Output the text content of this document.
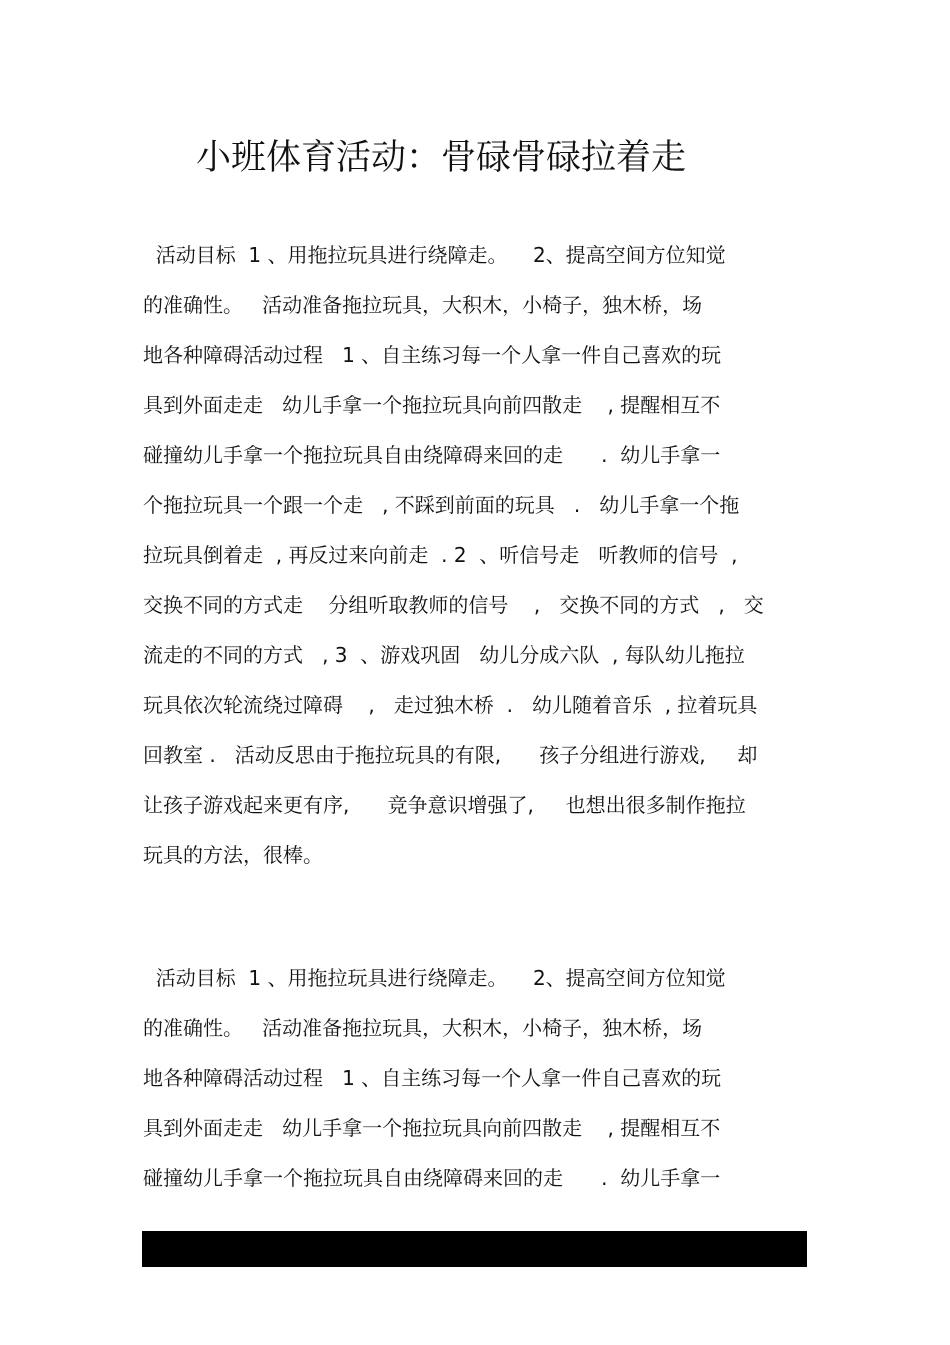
小班体育活动：骨碌骨碌拉着走
活动目标  1 、用拖拉玩具进行绕障走。    2、提高空间方位知觉
的准确性。   活动准备拖拉玩具，大积木，小椅子，独木桥，场
地各种障碍活动过程   1 、自主练习每一个人拿一件自己喜欢的玩
具到外面走走   幼儿手拿一个拖拉玩具向前四散走    , 提醒相互不
碰撞幼儿手拿一个拖拉玩具自由绕障碍来回的走      .  幼儿手拿一
个拖拉玩具一个跟一个走   , 不踩到前面的玩具   .   幼儿手拿一个拖
拉玩具倒着走  , 再反过来向前走  . 2  、听信号走   听教师的信号  ,
交换不同的方式走    分组听取教师的信号    ,   交换不同的方式   ,   交
流走的不同的方式   , 3  、游戏巩固   幼儿分成六队  , 每队幼儿拖拉
玩具依次轮流绕过障碍    ,   走过独木桥  .   幼儿随着音乐  , 拉着玩具
回教室 .   活动反思由于拖拉玩具的有限,      孩子分组进行游戏,     却
让孩子游戏起来更有序,      竞争意识增强了,     也想出很多制作拖拉
玩具的方法，很棒。
活动目标  1 、用拖拉玩具进行绕障走。    2、提高空间方位知觉
的准确性。   活动准备拖拉玩具，大积木，小椅子，独木桥，场
地各种障碍活动过程   1 、自主练习每一个人拿一件自己喜欢的玩
具到外面走走   幼儿手拿一个拖拉玩具向前四散走    , 提醒相互不
碰撞幼儿手拿一个拖拉玩具自由绕障碍来回的走      .  幼儿手拿一
